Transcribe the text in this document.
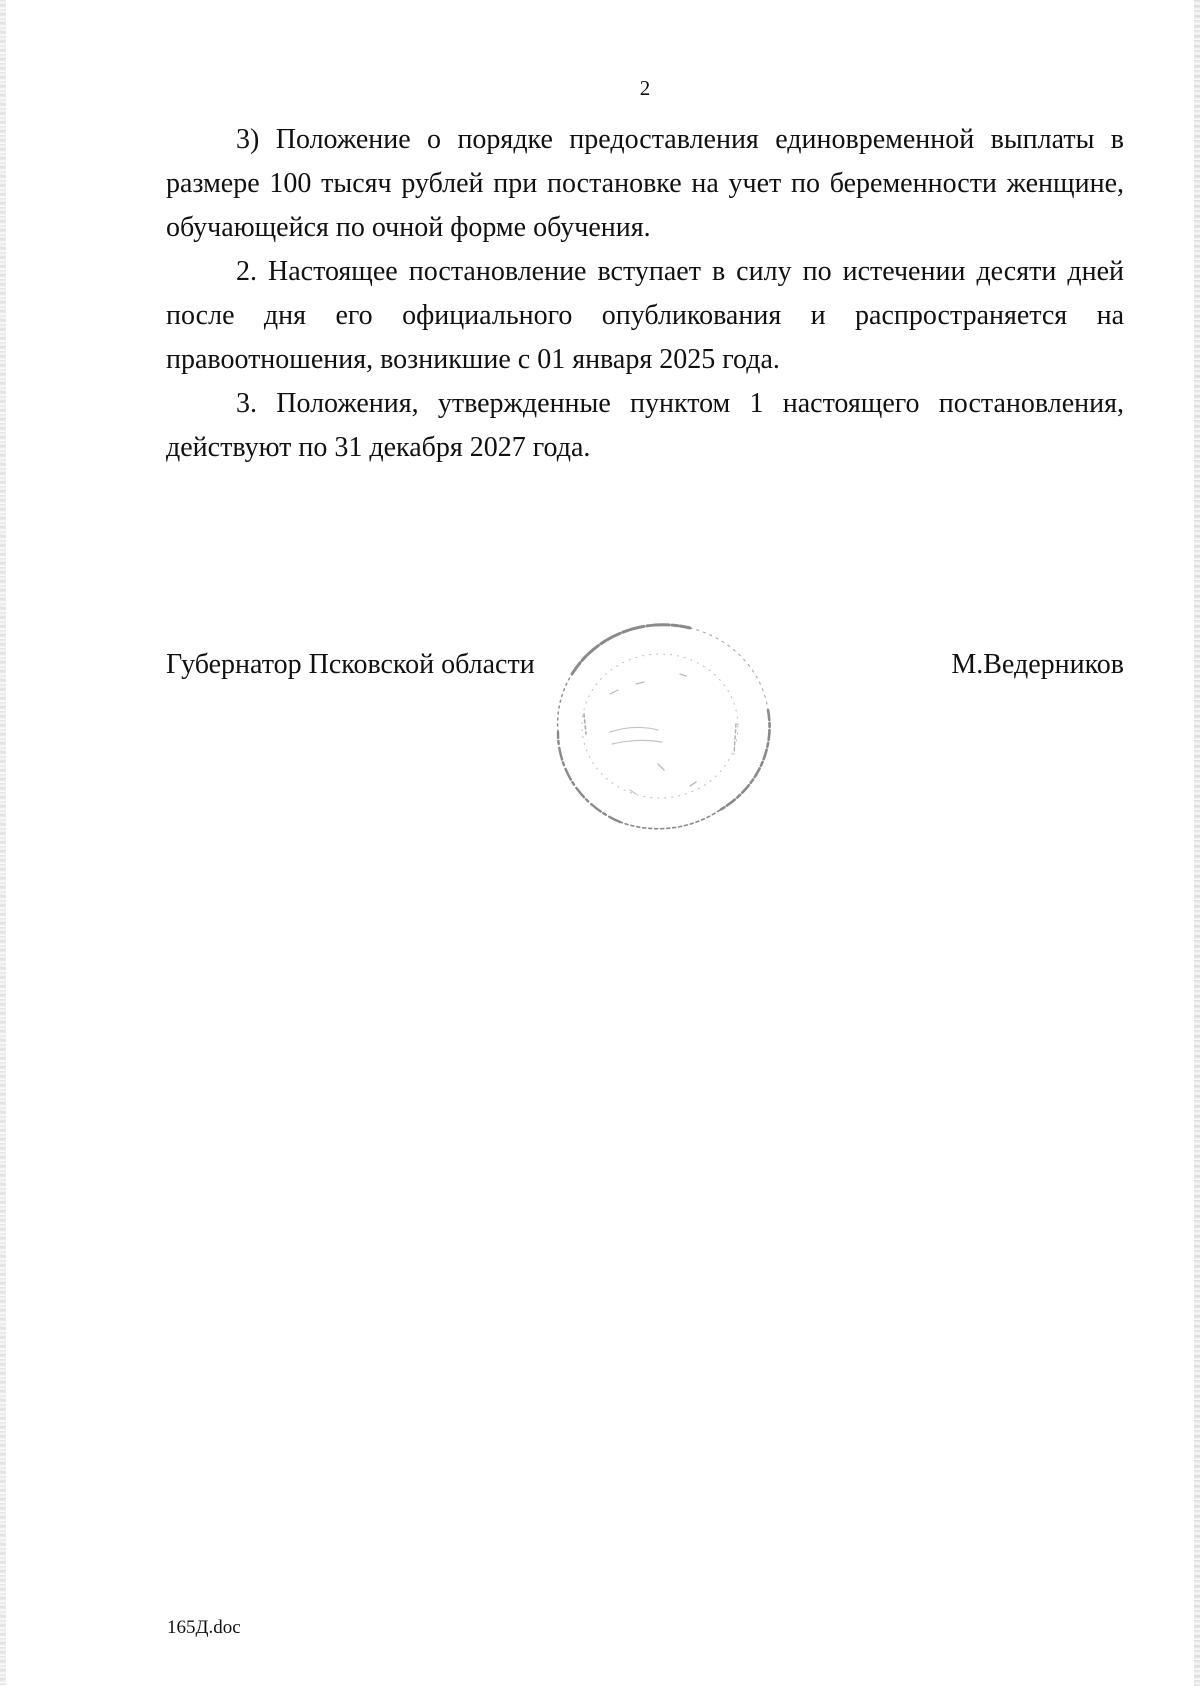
2

3) Положение о порядке предоставления единовременной выплаты в размере 100 тысяч рублей при постановке на учет по беременности женщине, обучающейся по очной форме обучения.

2. Настоящее постановление вступает в силу по истечении десяти дней после дня его официального опубликования и распространяется на правоотношения, возникшие с 01 января 2025 года.

3. Положения, утвержденные пунктом 1 настоящего постановления, действуют по 31 декабря 2027 года.

Губернатор Псковской области	М.Ведерников
165Д.doc
